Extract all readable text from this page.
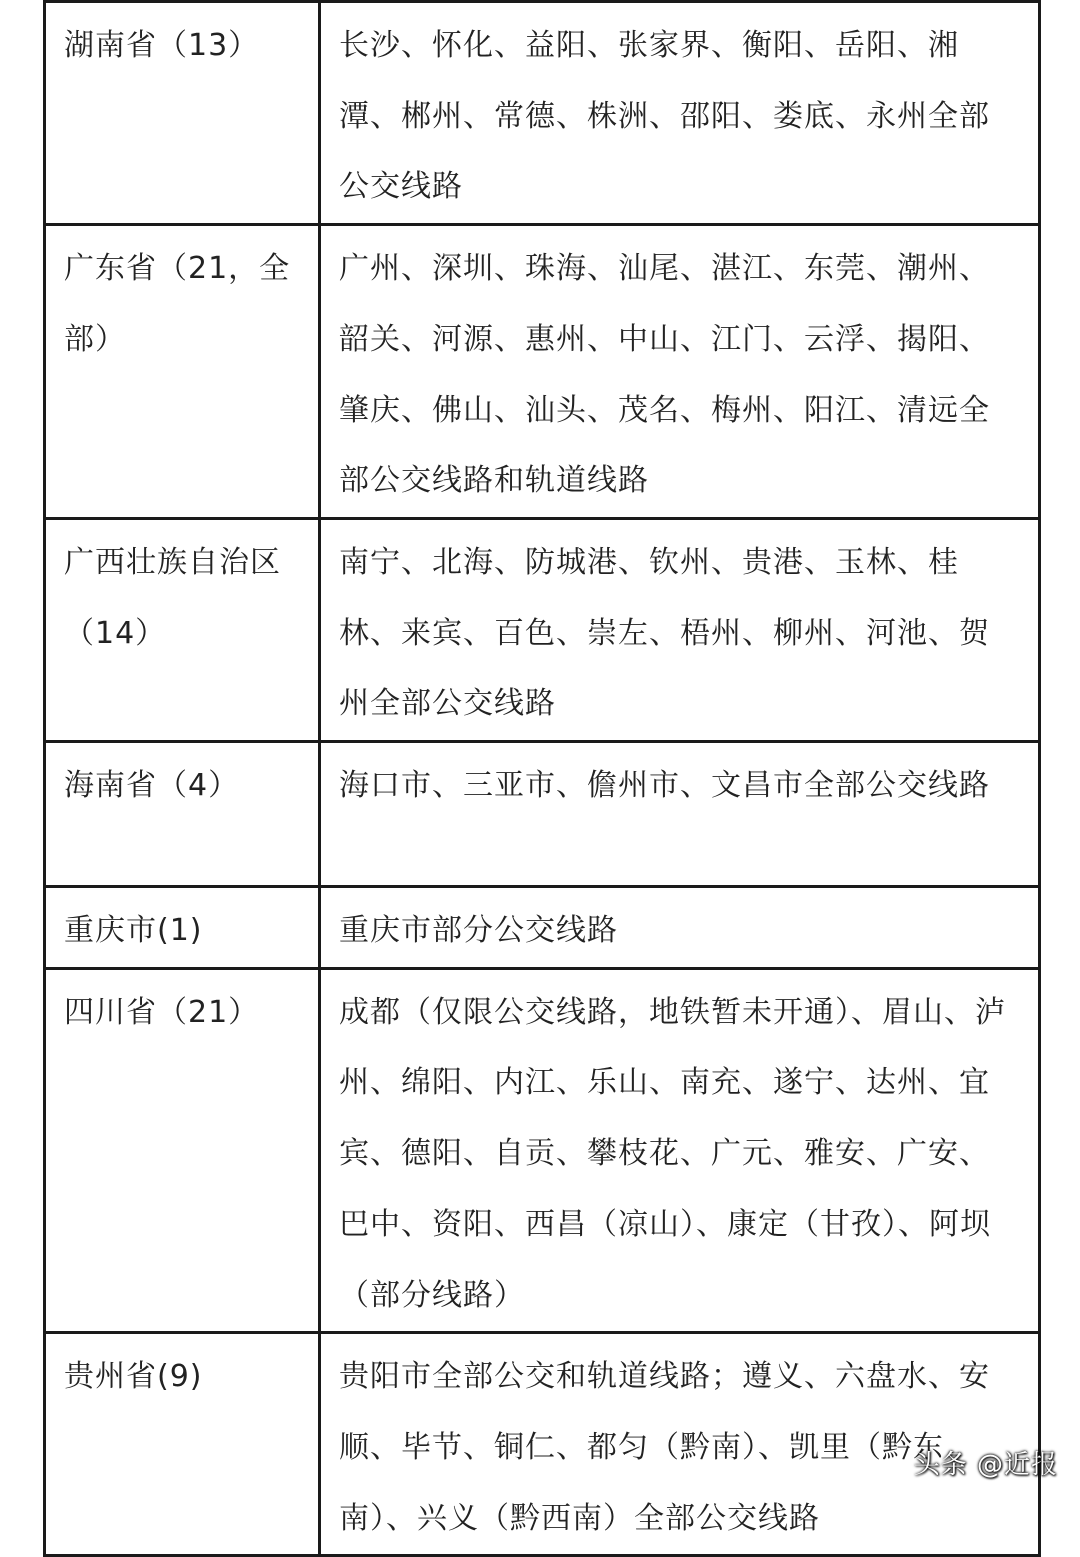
湖南省（13）	长沙、怀化、益阳、张家界、衡阳、岳阳、湘潭、郴州、常德、株洲、邵阳、娄底、永州全部公交线路
广东省（21，全部）	广州、深圳、珠海、汕尾、湛江、东莞、潮州、韶关、河源、惠州、中山、江门、云浮、揭阳、肇庆、佛山、汕头、茂名、梅州、阳江、清远全部公交线路和轨道线路
广西壮族自治区（14）	南宁、北海、防城港、钦州、贵港、玉林、桂林、来宾、百色、崇左、梧州、柳州、河池、贺州全部公交线路
海南省（4）	海口市、三亚市、儋州市、文昌市全部公交线路
重庆市(1)	重庆市部分公交线路
四川省（21）	成都（仅限公交线路，地铁暂未开通）、眉山、泸州、绵阳、内江、乐山、南充、遂宁、达州、宜宾、德阳、自贡、攀枝花、广元、雅安、广安、巴中、资阳、西昌（凉山）、康定（甘孜）、阿坝（部分线路）
贵州省(9)	贵阳市全部公交和轨道线路；遵义、六盘水、安顺、毕节、铜仁、都匀（黔南）、凯里（黔东南）、兴义（黔西南）全部公交线路
头条 @近报
